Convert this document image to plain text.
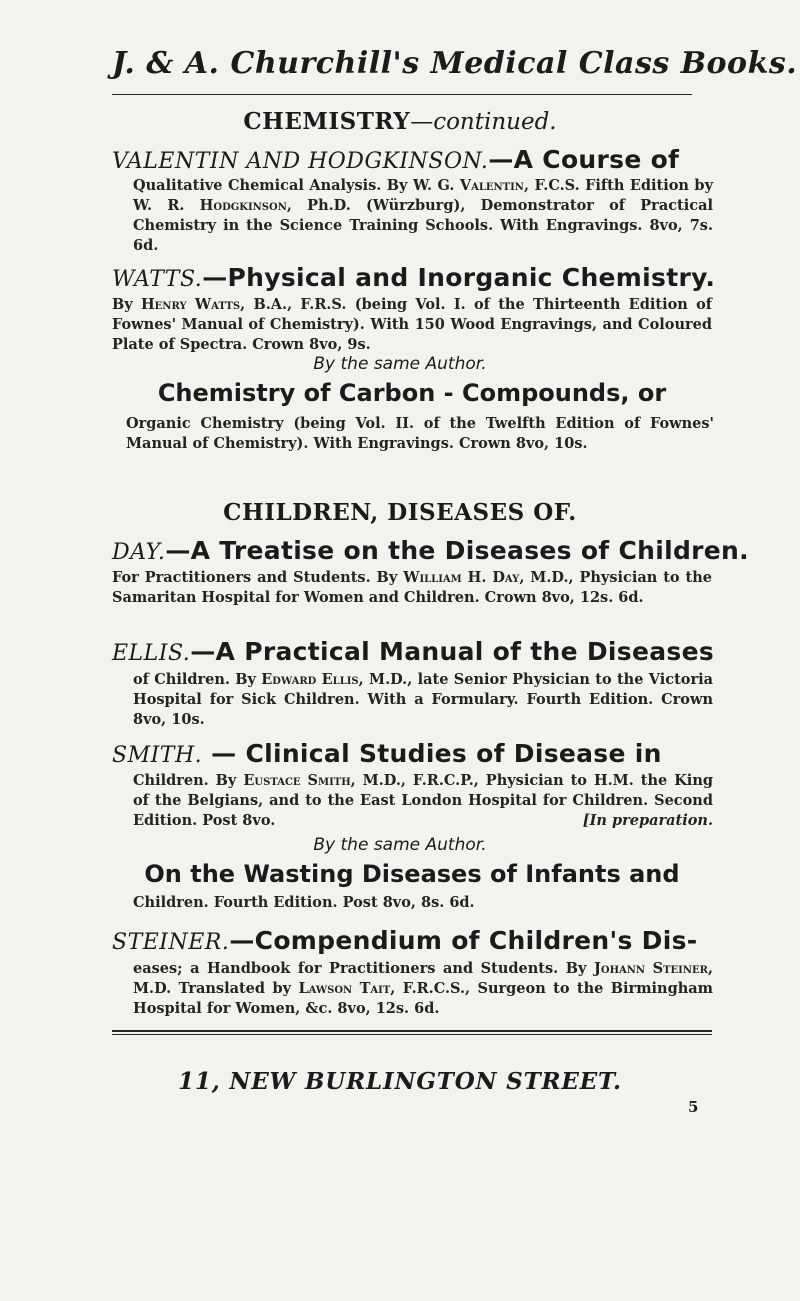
J. & A. Churchill's Medical Class Books.
CHEMISTRY—continued.
VALENTIN AND HODGKINSON.—A Course of
Qualitative Chemical Analysis. By W. G. Valentin, F.C.S. Fifth Edition by W. R. Hodgkinson, Ph.D. (Würzburg), Demonstrator of Practical Chemistry in the Science Training Schools. With Engravings. 8vo, 7s. 6d.
WATTS.—Physical and Inorganic Chemistry.
By Henry Watts, B.A., F.R.S. (being Vol. I. of the Thirteenth Edition of Fownes' Manual of Chemistry). With 150 Wood Engravings, and Coloured Plate of Spectra. Crown 8vo, 9s.
By the same Author.
Chemistry of Carbon - Compounds, or
Organic Chemistry (being Vol. II. of the Twelfth Edition of Fownes' Manual of Chemistry). With Engravings. Crown 8vo, 10s.
CHILDREN, DISEASES OF.
DAY.—A Treatise on the Diseases of Children.
For Practitioners and Students. By William H. Day, M.D., Physician to the Samaritan Hospital for Women and Children. Crown 8vo, 12s. 6d.
ELLIS.—A Practical Manual of the Diseases
of Children. By Edward Ellis, M.D., late Senior Physician to the Victoria Hospital for Sick Children. With a Formulary. Fourth Edition. Crown 8vo, 10s.
SMITH. — Clinical Studies of Disease in
Children. By Eustace Smith, M.D., F.R.C.P., Physician to H.M. the King of the Belgians, and to the East London Hospital for Children. Second Edition. Post 8vo.	[In preparation.
By the same Author.
On the Wasting Diseases of Infants and
Children. Fourth Edition. Post 8vo, 8s. 6d.
STEINER.—Compendium of Children's Dis-
eases; a Handbook for Practitioners and Students. By Johann Steiner, M.D. Translated by Lawson Tait, F.R.C.S., Surgeon to the Birmingham Hospital for Women, &c. 8vo, 12s. 6d.
11, NEW BURLINGTON STREET.
5
